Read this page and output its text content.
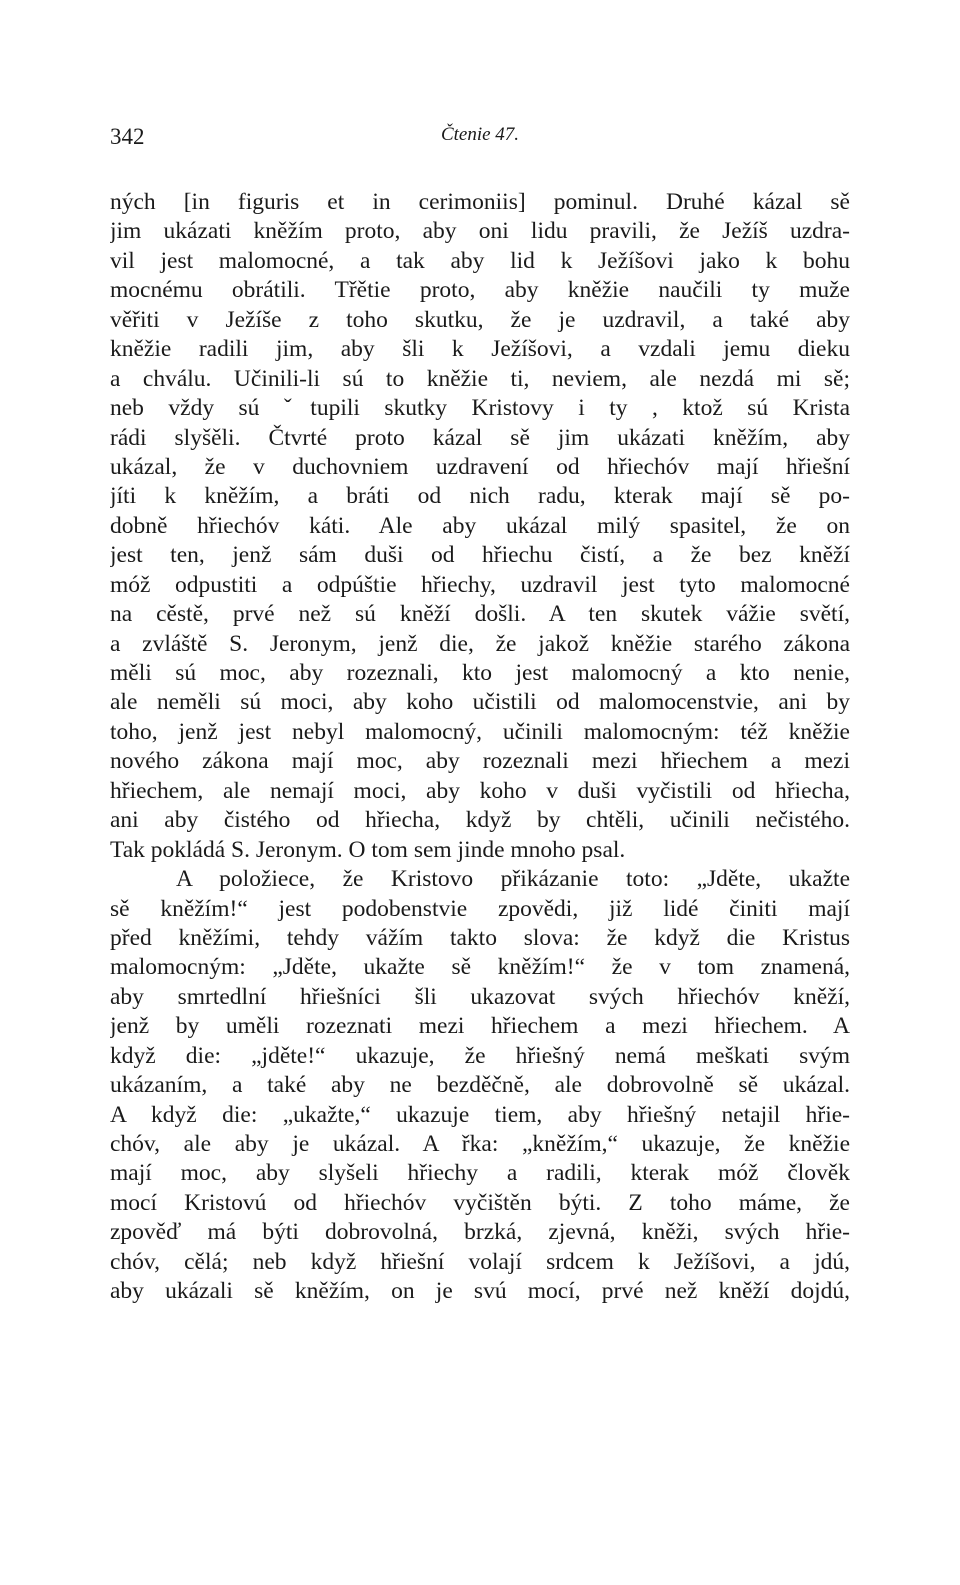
342	Čtenie 47.
ných [in figuris et in cerimoniis] pominul. Druhé kázal sě
jim ukázati kněžím proto, aby oni lidu pravili, že Ježíš uzdra-
vil jest malomocné, a tak aby lid k Ježíšovi jako k bohu
mocnému obrátili. Třětie proto, aby kněžie naučili ty muže
věřiti v Ježíše z toho skutku, že je uzdravil, a také aby
kněžie radili jim, aby šli k Ježíšovi, a vzdali jemu dieku
a chválu. Učinili-li sú to kněžie ti, neviem, ale nezdá mi sě;
neb vždy sú ˇtupili skutky Kristovy i ty , ktož sú Krista
rádi slyšěli. Čtvrté proto kázal sě jim ukázati kněžím, aby
ukázal, že v duchovniem uzdravení od hřiechóv mají hřiešní
jíti k kněžím, a bráti od nich radu, kterak mají sě po-
dobně hřiechóv káti. Ale aby ukázal milý spasitel, že on
jest ten, jenž sám duši od hřiechu čistí, a že bez kněží
móž odpustiti a odpúštie hřiechy, uzdravil jest tyto malomocné
na cěstě, prvé než sú kněží došli. A ten skutek vážie světí,
a zvláště S. Jeronym, jenž die, že jakož kněžie starého zákona
měli sú moc, aby rozeznali, kto jest malomocný a kto nenie,
ale neměli sú moci, aby koho učistili od malomocenstvie, ani by
toho, jenž jest nebyl malomocný, učinili malomocným: též kněžie
nového zákona mají moc, aby rozeznali mezi hřiechem a mezi
hřiechem, ale nemají moci, aby koho v duši vyčistili od hřiecha,
ani aby čistého od hřiecha, když by chtěli, učinili nečistého.
Tak pokládá S. Jeronym. O tom sem jinde mnoho psal.
A položiece, že Kristovo přikázanie toto: „Jděte, ukažte
sě kněžím!“ jest podobenstvie zpovědi, již lidé činiti mají
před kněžími, tehdy vážím takto slova: že když die Kristus
malomocným: „Jděte, ukažte sě kněžím!“ že v tom znamená,
aby smrtedlní hřiešníci šli ukazovat svých hřiechóv kněží,
jenž by uměli rozeznati mezi hřiechem a mezi hřiechem. A
když die: „jděte!“ ukazuje, že hřiešný nemá meškati svým
ukázaním, a také aby ne bezděčně, ale dobrovolně sě ukázal.
A když die: „ukažte,“ ukazuje tiem, aby hřiešný netajil hřie-
chóv, ale aby je ukázal. A řka: „kněžím,“ ukazuje, že kněžie
mají moc, aby slyšeli hřiechy a radili, kterak móž člověk
mocí Kristovú od hřiechóv vyčištěn býti. Z toho máme, že
zpověď má býti dobrovolná, brzká, zjevná, kněži, svých hřie-
chóv, cělá; neb když hřiešní volají srdcem k Ježíšovi, a jdú,
aby ukázali sě kněžím, on je svú mocí, prvé než kněží dojdú,
